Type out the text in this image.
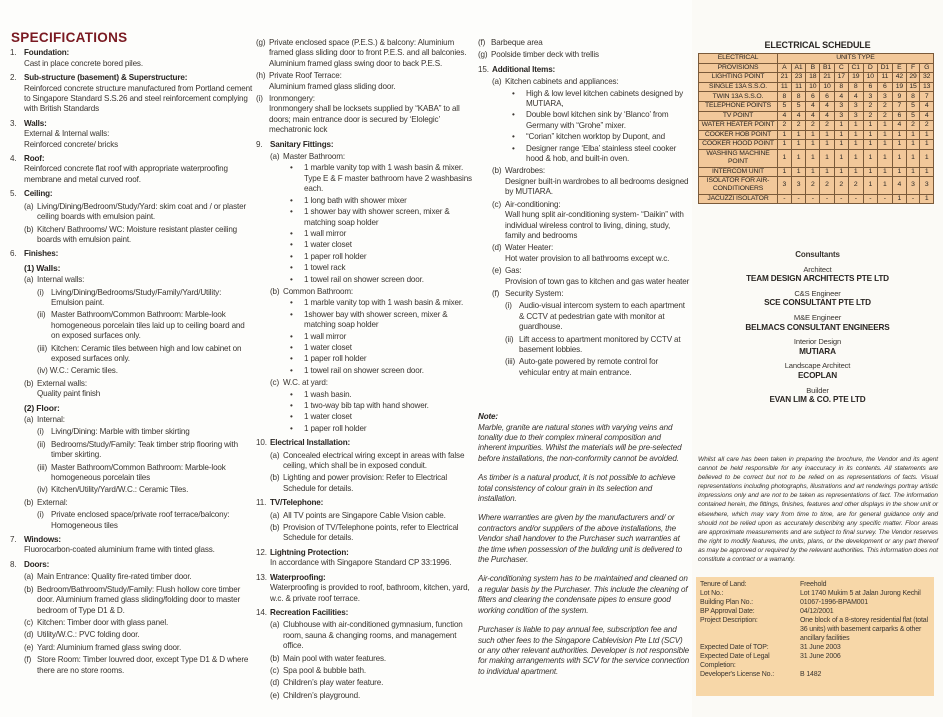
SPECIFICATIONS
1. Foundation:
Cast in place concrete bored piles.
2. Sub-structure (basement) & Superstructure:
Reinforced concrete structure manufactured from Portland cement to Singapore Standard S.S.26 and steel reinforcement complying with British Standards
3. Walls:
External & Internal walls:
Reinforced concrete/ bricks
4. Roof:
Reinforced concrete flat roof with appropriate waterproofing membrane and metal curved roof.
5. Ceiling:
(a) Living/Dining/Bedroom/Study/Yard: skim coat and / or plaster ceiling boards with emulsion paint.
(b) Kitchen/ Bathrooms/ WC: Moisture resistant plaster ceiling boards with emulsion paint.
6. Finishes:
(1) Walls:
(a) Internal walls:
(i) Living/Dining/Bedrooms/Study/Family/Yard/Utility: Emulsion paint.
(ii) Master Bathroom/Common Bathroom: Marble-look homogeneous porcelain tiles laid up to ceiling board and on exposed surfaces only.
(iii) Kitchen: Ceramic tiles between high and low cabinet on exposed surfaces only.
(iv) W.C.: Ceramic tiles.
(b) External walls:
Quality paint finish
(2) Floor:
(a) Internal:
(i) Living/Dining: Marble with timber skirting
(ii) Bedrooms/Study/Family: Teak timber strip flooring with timber skirting.
(iii) Master Bathroom/Common Bathroom: Marble-look homogeneous porcelain tiles
(iv) Kitchen/Utility/Yard/W.C.: Ceramic Tiles.
(b) External:
(i) Private enclosed space/private roof terrace/balcony: Homogeneous tiles
7. Windows:
Fluorocarbon-coated aluminium frame with tinted glass.
8. Doors:
(a) Main Entrance: Quality fire-rated timber door.
(b) Bedroom/Bathroom/Study/Family: Flush hollow core timber door. Aluminium framed glass sliding/folding door to master bedroom of Type D1 & D.
(c) Kitchen: Timber door with glass panel.
(d) Utility/W.C.: PVC folding door.
(e) Yard: Aluminium framed glass swing door.
(f) Store Room: Timber louvred door, except Type D1 & D where there are no store rooms.
(g) Private enclosed space (P.E.S.) & balcony: Aluminium framed glass sliding door to front P.E.S. and all balconies. Aluminium framed glass swing door to back P.E.S.
(h) Private Roof Terrace:
Aluminium framed glass sliding door.
(i) Ironmongery:
Ironmongery shall be locksets supplied by “KABA” to all doors; main entrance door is secured by ‘Elolegic’ mechatronic lock
9. Sanitary Fittings:
(a) Master Bathroom:
•	1 marble vanity top with 1 wash basin & mixer. Type E & F master bathroom have 2 washbasins each.
•	1 long bath with shower mixer
•	1 shower bay with shower screen, mixer & matching soap holder
•	1 wall mirror
•	1 water closet
•	1 paper roll holder
•	1 towel rack
•	1 towel rail on shower screen door.
(b) Common Bathroom:
•	1 marble vanity top with 1 wash basin & mixer.
•	1shower bay with shower screen, mixer & matching soap holder
•	1 wall mirror
•	1 water closet
•	1 paper roll holder
•	1 towel rail on shower screen door.
(c) W.C. at yard:
•	1 wash basin.
•	1 two-way bib tap with hand shower.
•	1 water closet
•	1 paper roll holder
10. Electrical Installation:
(a) Concealed electrical wiring except in areas with false ceiling, which shall be in exposed conduit.
(b) Lighting and power provision: Refer to Electrical Schedule for details.
11. TV/Telephone:
(a) All TV points are Singapore Cable Vision cable.
(b) Provision of TV/Telephone points, refer to Electrical Schedule for details.
12. Lightning Protection:
In accordance with Singapore Standard CP 33:1996.
13. Waterproofing:
Waterproofing is provided to roof, bathroom, kitchen, yard, w.c. & private roof terrace.
14. Recreation Facilities:
(a) Clubhouse with air-conditioned gymnasium, function room, sauna & changing rooms, and management office.
(b) Main pool with water features.
(c) Spa pool & bubble bath.
(d) Children’s play water feature.
(e) Children’s playground.
(f) Barbeque area
(g) Poolside timber deck with trellis
15. Additional Items:
(a) Kitchen cabinets and appliances:
•	High & low level kitchen cabinets designed by MUTIARA,
•	Double bowl kitchen sink by ‘Blanco’ from Germany with “Grohe” mixer.
•	“Corian” kitchen worktop by Dupont, and
•	Designer range ‘Elba’ stainless steel cooker hood & hob, and built-in oven.
(b) Wardrobes:
Designer built-in wardrobes to all bedrooms designed by MUTIARA.
(c) Air-conditioning:
Wall hung split air-conditioning system- “Daikin” with individual wireless control to living, dining, study, family and bedrooms
(d) Water Heater:
Hot water provision to all bathrooms except w.c.
(e) Gas:
Provision of town gas to kitchen and gas water heater
(f) Security System:
(i) Audio-visual intercom system to each apartment & CCTV at pedestrian gate with monitor at guardhouse.
(ii) Lift access to apartment monitored by CCTV at basement lobbies.
(iii) Auto-gate powered by remote control for vehicular entry at main entrance.
Note:

Marble, granite are natural stones with varying veins and tonality due to their complex mineral composition and inherent impurities. Whilst the materials will be pre-selected before installations, the non-conformity cannot be avoided.

As timber is a natural product, it is not possible to achieve total consistency of colour grain in its selection and installation.

Where warranties are given by the manufacturers and/ or contractors and/or suppliers of the above installations, the Vendor shall handover to the Purchaser such warranties at the time when possession of the building unit is delivered to the Purchaser.

Air-conditioning system has to be maintained and cleaned on a regular basis by the Purchaser. This include the cleaning of filters and clearing the condensate pipes to ensure good working condition of the system.

Purchaser is liable to pay annual fee, subscription fee and such other fees to the Singapore Cablevision Pte Ltd (SCV) or any other relevant authorities. Developer is not responsible for making arrangements with SCV for the service connection to individual apartment.

ELECTRICAL SCHEDULE
ELECTRICAL	UNITS TYPE										
PROVISIONS	A	A1	B	B1	C	C1	D	D1	E	F	G
LIGHTING POINT	21	23	18	21	17	19	10	11	42	29	32
SINGLE 13A S.S.O.	11	11	10	10	8	8	6	6	19	15	13
TWIN 13A S.S.O.	8	8	6	6	4	4	3	3	9	8	7
TELEPHONE POINTS	5	5	4	4	3	3	2	2	7	5	4
TV POINT	4	4	4	4	3	3	2	2	6	5	4
WATER HEATER POINT	2	2	2	2	1	1	1	1	4	2	2
COOKER HOB POINT	1	1	1	1	1	1	1	1	1	1	1
COOKER HOOD POINT	1	1	1	1	1	1	1	1	1	1	1
WASHING MACHINE POINT	1	1	1	1	1	1	1	1	1	1	1
INTERCOM UNIT	1	1	1	1	1	1	1	1	1	1	1
ISOLATOR FOR AIR-CONDITIONERS	3	3	2	2	2	2	1	1	4	3	3
JACUZZI ISOLATOR	-	-	-	-	-	-	-	-	1	-	1
Consultants
Architect
TEAM DESIGN ARCHITECTS PTE LTD
C&S Engineer
SCE CONSULTANT PTE LTD
M&E Engineer
BELMACS CONSULTANT ENGINEERS
Interior Design
MUTIARA
Landscape Architect
ECOPLAN
Builder
EVAN LIM & CO. PTE LTD
Whilst all care has been taken in preparing the brochure, the Vendor and its agent cannot be held responsible for any inaccuracy in its contents. All statements are believed to be correct but not to be relied on as representations of facts. Visual representations including photographs, illustrations and art renderings portray artistic impressions only and are not to be taken as representations of fact. The information contained herein, the fittings, finishes, features and other displays in the show unit or elsewhere, which may vary from time to time, are for general guidance only and should not be relied upon as accurately describing any specific matter. Floor areas are approximate measurements and are subject to final survey. The Vendor reserves the right to modify features, the units, plans, or the development or any part thereof as may be approved or required by the relevant authorities. This information does not constitute a contract or a warranty.
Tenure of Land:	Freehold
Lot No.:	Lot 1740 Mukim 5 at Jalan Jurong Kechil
Building Plan No.:	01067-1996-BPAM001
BP Approval Date:	04/12/2001
Project Description:	One block of a 8-storey residential flat (total 36 units) with basement carparks & other ancillary facilities
Expected Date of TOP:	31 June 2003
Expected Date of Legal Completion:
31 June 2006
Developer's License No.:	B 1482
